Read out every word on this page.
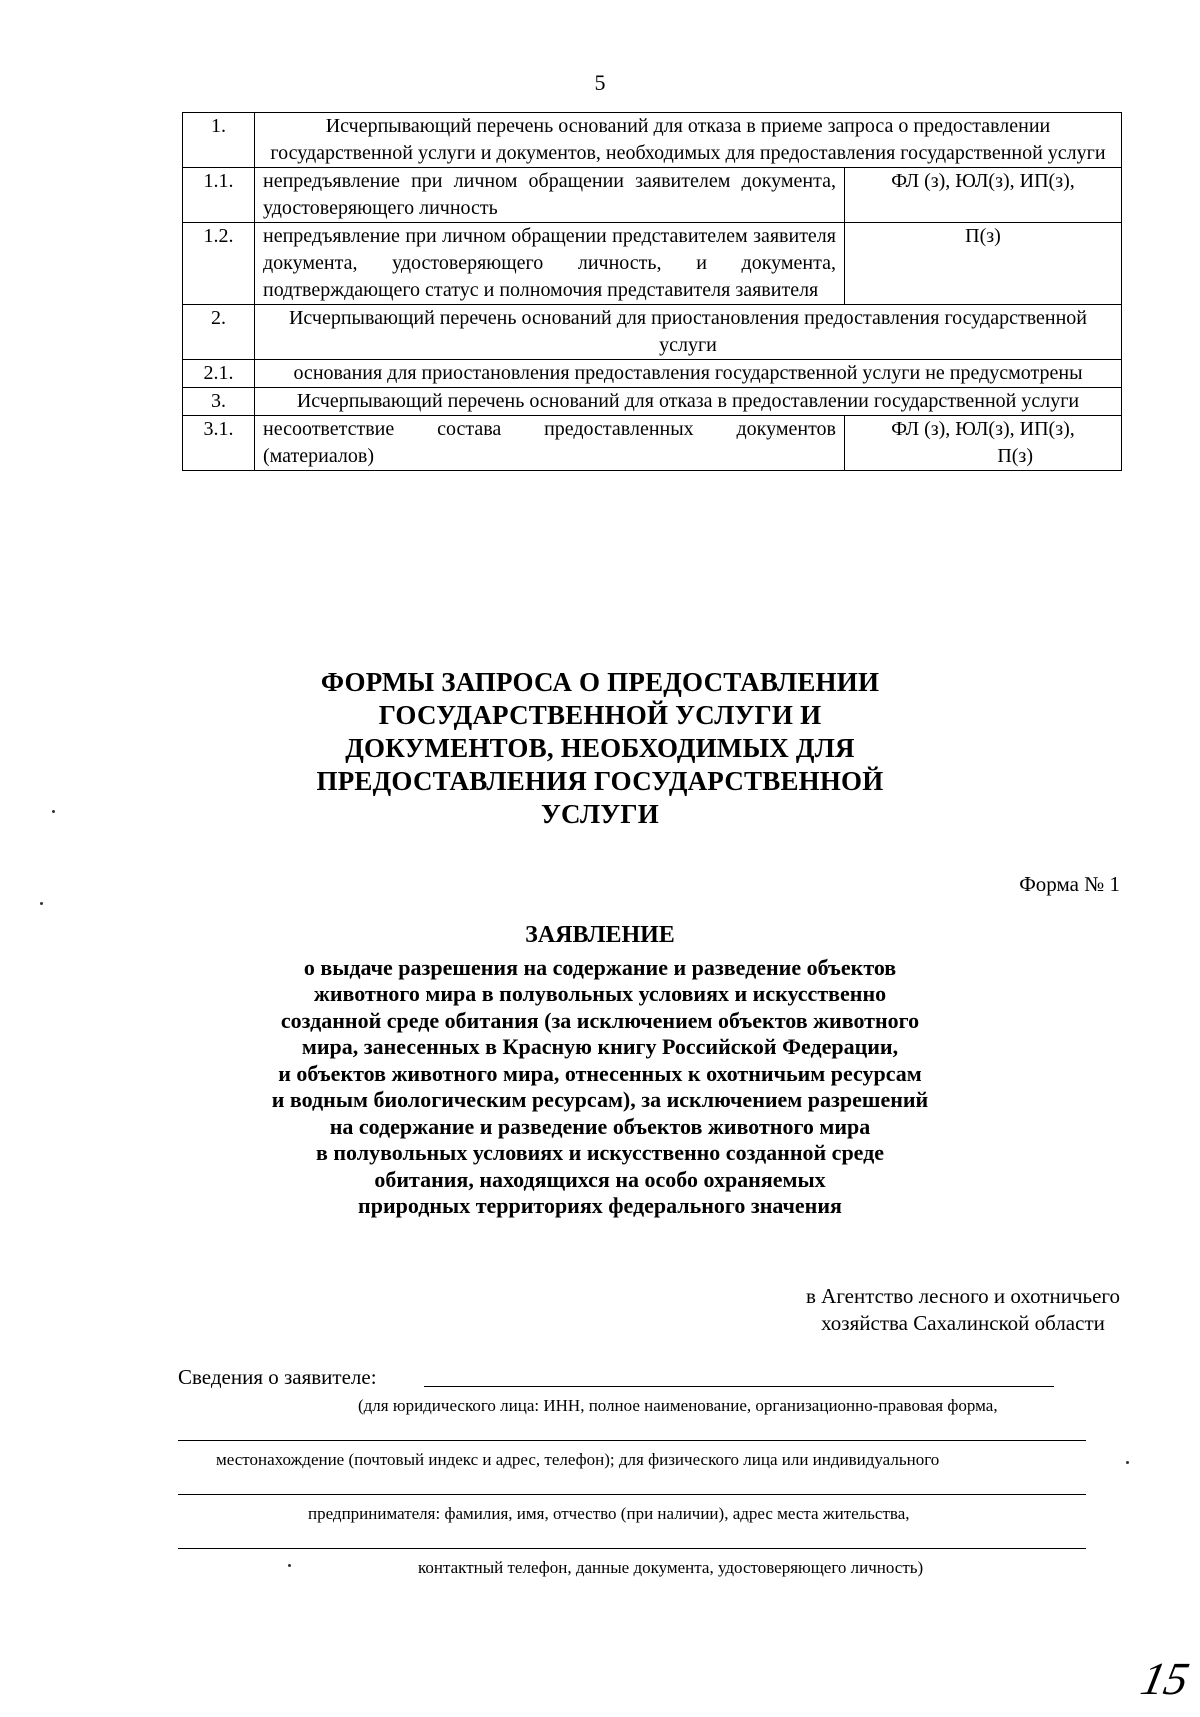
5
1.	Исчерпывающий перечень оснований для отказа в приеме запроса о предоставлении государственной услуги и документов, необходимых для предоставления государственной услуги	
1.1.	непредъявление при личном обращении заявителем документа, удостоверяющего личность	ФЛ (з), ЮЛ(з), ИП(з),
1.2.	непредъявление при личном обращении представителем заявителя документа, удостоверяющего личность, и документа, подтверждающего статус и полномочия представителя заявителя	П(з)
2.	Исчерпывающий перечень оснований для приостановления предоставления государственной услуги	
2.1.	основания для приостановления предоставления государственной услуги не предусмотрены	
3.	Исчерпывающий перечень оснований для отказа в предоставлении государственной услуги	
3.1.	несоответствие состава предоставленных документов (материалов)	ФЛ (з), ЮЛ(з), ИП(з),
П(з)
ФОРМЫ ЗАПРОСА О ПРЕДОСТАВЛЕНИИ
ГОСУДАРСТВЕННОЙ УСЛУГИ И
ДОКУМЕНТОВ, НЕОБХОДИМЫХ ДЛЯ
ПРЕДОСТАВЛЕНИЯ ГОСУДАРСТВЕННОЙ
УСЛУГИ
Форма № 1
ЗАЯВЛЕНИЕ
о выдаче разрешения на содержание и разведение объектов
животного мира в полувольных условиях и искусственно
созданной среде обитания (за исключением объектов животного
мира, занесенных в Красную книгу Российской Федерации,
и объектов животного мира, отнесенных к охотничьим ресурсам
и водным биологическим ресурсам), за исключением разрешений
на содержание и разведение объектов животного мира
в полувольных условиях и искусственно созданной среде
обитания, находящихся на особо охраняемых
природных территориях федерального значения
в Агентство лесного и охотничьего
хозяйства Сахалинской области
Сведения о заявителе:
(для юридического лица: ИНН, полное наименование, организационно-правовая форма,
местонахождение (почтовый индекс и адрес, телефон); для физического лица или индивидуального
предпринимателя: фамилия, имя, отчество (при наличии), адрес места жительства,
контактный телефон, данные документа, удостоверяющего личность)
15
